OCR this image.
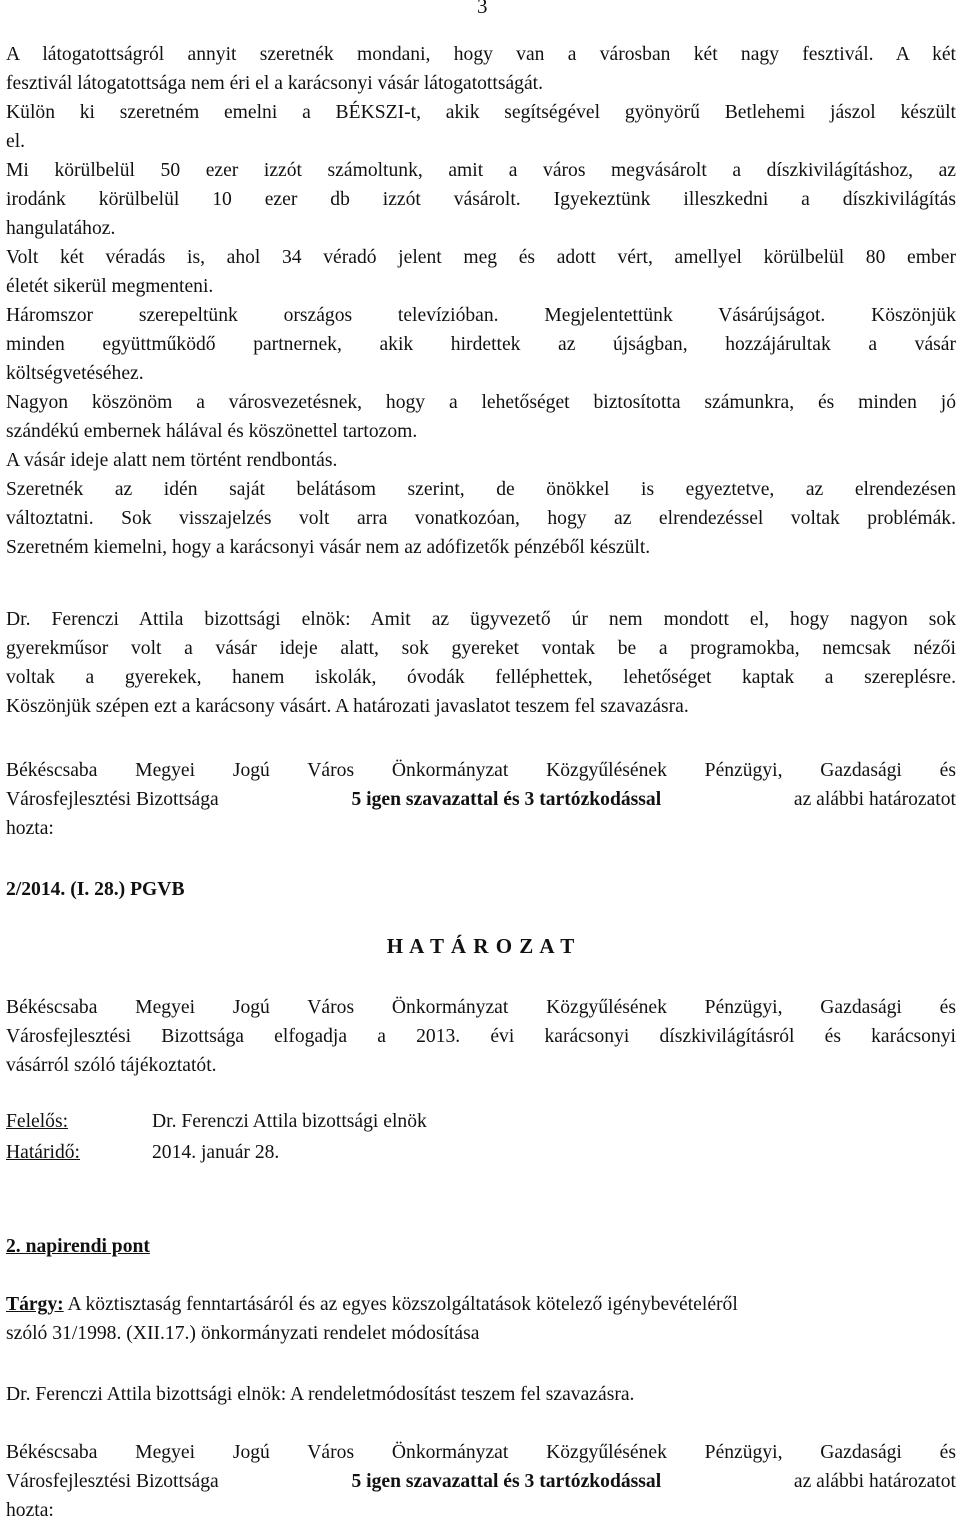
3
A látogatottságról annyit szeretnék mondani, hogy van a városban két nagy fesztivál. A két
fesztivál látogatottsága nem éri el a karácsonyi vásár látogatottságát.
Külön ki szeretném emelni a BÉKSZI-t, akik segítségével gyönyörű Betlehemi jászol készült
el.
Mi körülbelül 50 ezer izzót számoltunk, amit a város megvásárolt a díszkivilágításhoz, az
irodánk körülbelül 10 ezer db izzót vásárolt. Igyekeztünk illeszkedni a díszkivilágítás
hangulatához.
Volt két véradás is, ahol 34 véradó jelent meg és adott vért, amellyel körülbelül 80 ember
életét sikerül megmenteni.
Háromszor szerepeltünk országos televízióban. Megjelentettünk Vásárújságot. Köszönjük
minden együttműködő partnernek, akik hirdettek az újságban, hozzájárultak a vásár
költségvetéséhez.
Nagyon köszönöm a városvezetésnek, hogy a lehetőséget biztosította számunkra, és minden jó
szándékú embernek hálával és köszönettel tartozom.
A vásár ideje alatt nem történt rendbontás.
Szeretnék az idén saját belátásom szerint, de önökkel is egyeztetve, az elrendezésen
változtatni. Sok visszajelzés volt arra vonatkozóan, hogy az elrendezéssel voltak problémák.
Szeretném kiemelni, hogy a karácsonyi vásár nem az adófizetők pénzéből készült.
Dr. Ferenczi Attila bizottsági elnök: Amit az ügyvezető úr nem mondott el, hogy nagyon sok
gyerekműsor volt a vásár ideje alatt, sok gyereket vontak be a programokba, nemcsak nézői
voltak a gyerekek, hanem iskolák, óvodák felléphettek, lehetőséget kaptak a szereplésre.
Köszönjük szépen ezt a karácsony vásárt. A határozati javaslatot teszem fel szavazásra.
Békéscsaba Megyei Jogú Város Önkormányzat Közgyűlésének Pénzügyi, Gazdasági és
Városfejlesztési Bizottsága	5 igen szavazattal és 3 tartózkodással	az alábbi határozatot
hozta:
2/2014. (I. 28.) PGVB
H A T Á R O Z A T
Békéscsaba Megyei Jogú Város Önkormányzat Közgyűlésének Pénzügyi, Gazdasági és
Városfejlesztési Bizottsága elfogadja a 2013. évi karácsonyi díszkivilágításról és karácsonyi
vásárról szóló tájékoztatót.
Felelős:	Dr. Ferenczi Attila bizottsági elnök
Határidő:	2014. január 28.
2. napirendi pont
Tárgy: A köztisztaság fenntartásáról és az egyes közszolgáltatások kötelező igénybevételéről
szóló 31/1998. (XII.17.) önkormányzati rendelet módosítása
Dr. Ferenczi Attila bizottsági elnök: A rendeletmódosítást teszem fel szavazásra.
Békéscsaba Megyei Jogú Város Önkormányzat Közgyűlésének Pénzügyi, Gazdasági és
Városfejlesztési Bizottsága	5 igen szavazattal és 3 tartózkodással	az alábbi határozatot
hozta:
